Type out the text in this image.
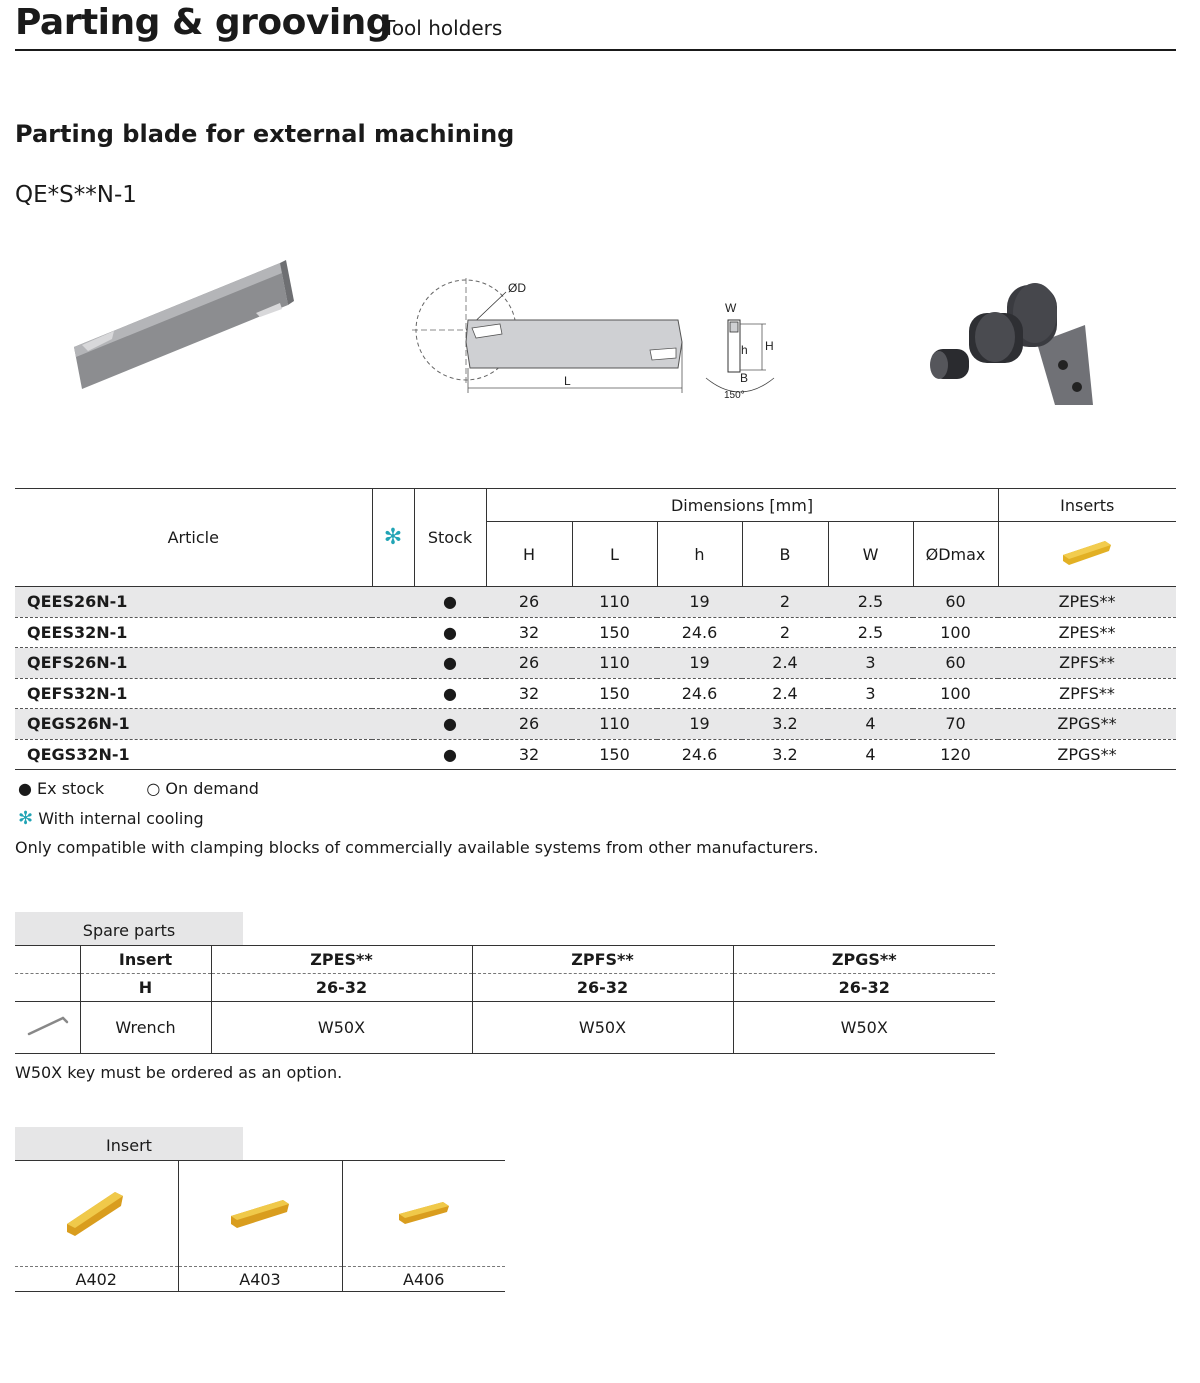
Parting & grooving
Tool holders
Parting blade for external machining
QE*S**N-1
ØD
L
W
H
h
B
150°
Article	✻	Stock	Dimensions [mm]						Inserts
			H	L	h	B	W	ØDmax	
QEES26N-1		●	26	110	19	2	2.5	60	ZPES**
QEES32N-1		●	32	150	24.6	2	2.5	100	ZPES**
QEFS26N-1		●	26	110	19	2.4	3	60	ZPFS**
QEFS32N-1		●	32	150	24.6	2.4	3	100	ZPFS**
QEGS26N-1		●	26	110	19	3.2	4	70	ZPGS**
QEGS32N-1		●	32	150	24.6	3.2	4	120	ZPGS**
● Ex stock	○ On demand
✻ With internal cooling
Only compatible with clamping blocks of commercially available systems from other manufacturers.
Spare parts
	Insert	ZPES**	ZPFS**	ZPGS**
	H	26-32	26-32	26-32
	Wrench	W50X	W50X	W50X
W50X key must be ordered as an option.
Insert

A402	A403	A406
